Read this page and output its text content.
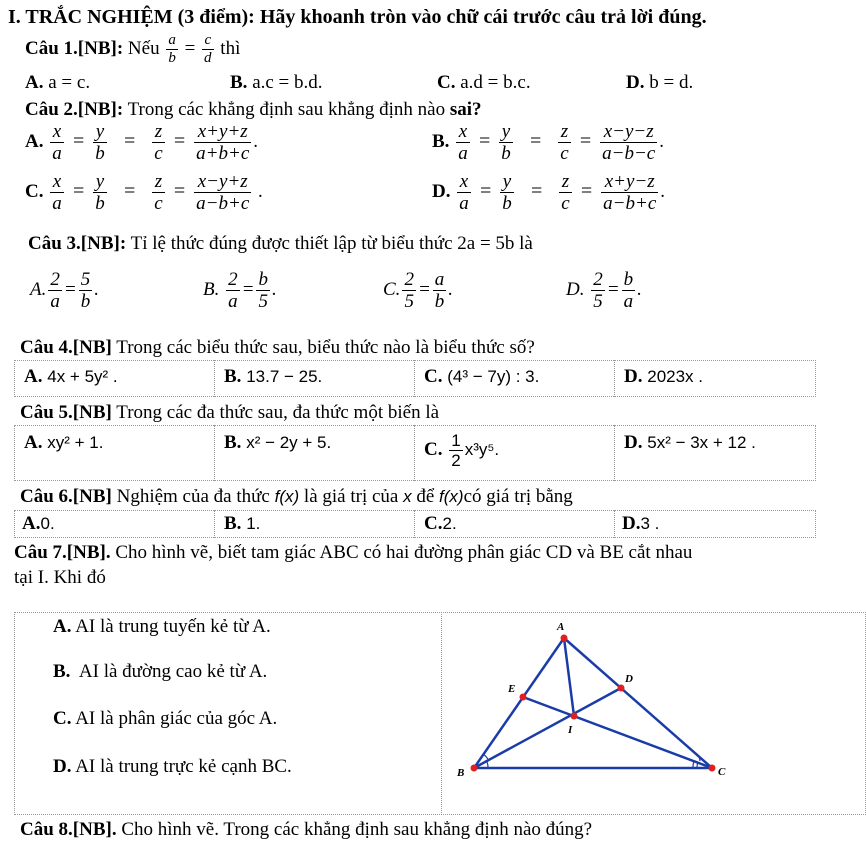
I. TRẮC NGHIỆM (3 điểm): Hãy khoanh tròn vào chữ cái trước câu trả lời đúng.
Câu 1.[NB]: Nếu $\frac{a}{b} = \frac{c}{d}$ thì
A. a = c.	B. a.c = b.d.	C. a.d = b.c.	D. b = d.
Câu 2.[NB]: Trong các khẳng định sau khẳng định nào sai?
A. $\frac{x}{a} = \frac{y}{b} = \frac{z}{c} = \frac{x+y+z}{a+b+c}$ .	B. $\frac{x}{a} = \frac{y}{b} = \frac{z}{c} = \frac{x-y-z}{a-b-c}$ .
C. $\frac{x}{a} = \frac{y}{b} = \frac{z}{c} = \frac{x-y+z}{a-b+c}$ .	D. $\frac{x}{a} = \frac{y}{b} = \frac{z}{c} = \frac{x+y-z}{a-b+c}$ .
Câu 3.[NB]: Tỉ lệ thức đúng được thiết lập từ biểu thức 2a = 5b là
A. $\frac{2}{a} = \frac{5}{b}$ .	B. $\frac{2}{a} = \frac{b}{5}$ .	C. $\frac{2}{5} = \frac{a}{b}$ .	D. $\frac{2}{5} = \frac{b}{a}$ .
Câu 4.[NB] Trong các biểu thức sau, biểu thức nào là biểu thức số?
A. 4x + 5y² .	B. 13.7 − 25.	C. (4³ − 7y) : 3.	D. 2023x .
Câu 5.[NB] Trong các đa thức sau, đa thức một biến là
A. xy² + 1.	B. x² − 2y + 5.	C. $\frac{1}{2} x^3y^5$.	D. 5x² − 3x + 12 .
Câu 6.[NB] Nghiệm của đa thức f(x) là giá trị của x để f(x)có giá trị bằng
A.0.	B. 1.	C.2.	D.3 .
Câu 7.[NB]. Cho hình vẽ, biết tam giác ABC có hai đường phân giác CD và BE cắt nhau
tại I. Khi đó
A. AI là trung tuyến kẻ từ A.
B. AI là đường cao kẻ từ A.
C. AI là phân giác của góc A.
D. AI là trung trực kẻ cạnh BC.
A
B	C
D
E
I
Câu 8.[NB]. Cho hình vẽ. Trong các khẳng định sau khẳng định nào đúng?
